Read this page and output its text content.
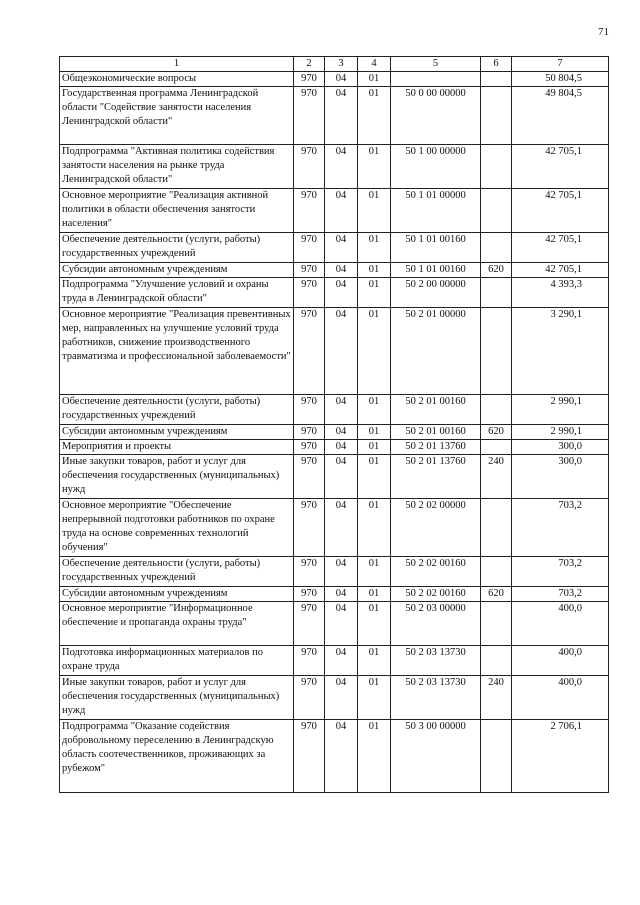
71
1	2	3	4	5	6	7
Общеэкономические вопросы	970	04	01			50 804,5
Государственная программа Ленинградской области "Содействие занятости населения Ленинградской области"	970	04	01	50 0 00 00000		49 804,5
Подпрограмма "Активная политика содействия занятости населения на рынке труда Ленинградской области"	970	04	01	50 1 00 00000		42 705,1
Основное мероприятие "Реализация активной политики в области обеспечения занятости населения"	970	04	01	50 1 01 00000		42 705,1
Обеспечение деятельности (услуги, работы) государственных учреждений	970	04	01	50 1 01 00160		42 705,1
Субсидии автономным учреждениям	970	04	01	50 1 01 00160	620	42 705,1
Подпрограмма "Улучшение условий и охраны труда в Ленинградской области"	970	04	01	50 2 00 00000		4 393,3
Основное мероприятие "Реализация превентивных мер, направленных на улучшение условий труда работников, снижение производственного травматизма и профессиональной заболеваемости"	970	04	01	50 2 01 00000		3 290,1
Обеспечение деятельности (услуги, работы) государственных учреждений	970	04	01	50 2 01 00160		2 990,1
Субсидии автономным учреждениям	970	04	01	50 2 01 00160	620	2 990,1
Мероприятия и проекты	970	04	01	50 2 01 13760		300,0
Иные закупки товаров, работ и услуг для обеспечения государственных (муниципальных) нужд	970	04	01	50 2 01 13760	240	300,0
Основное мероприятие "Обеспечение непрерывной подготовки работников по охране труда на основе современных технологий обучения"	970	04	01	50 2 02 00000		703,2
Обеспечение деятельности (услуги, работы) государственных учреждений	970	04	01	50 2 02 00160		703,2
Субсидии автономным учреждениям	970	04	01	50 2 02 00160	620	703,2
Основное мероприятие "Информационное обеспечение и пропаганда охраны труда"	970	04	01	50 2 03 00000		400,0
Подготовка информационных материалов по охране труда	970	04	01	50 2 03 13730		400,0
Иные закупки товаров, работ и услуг для обеспечения государственных (муниципальных) нужд	970	04	01	50 2 03 13730	240	400,0
Подпрограмма "Оказание содействия добровольному переселению в Ленинградскую область соотечественников, проживающих за рубежом"	970	04	01	50 3 00 00000		2 706,1
